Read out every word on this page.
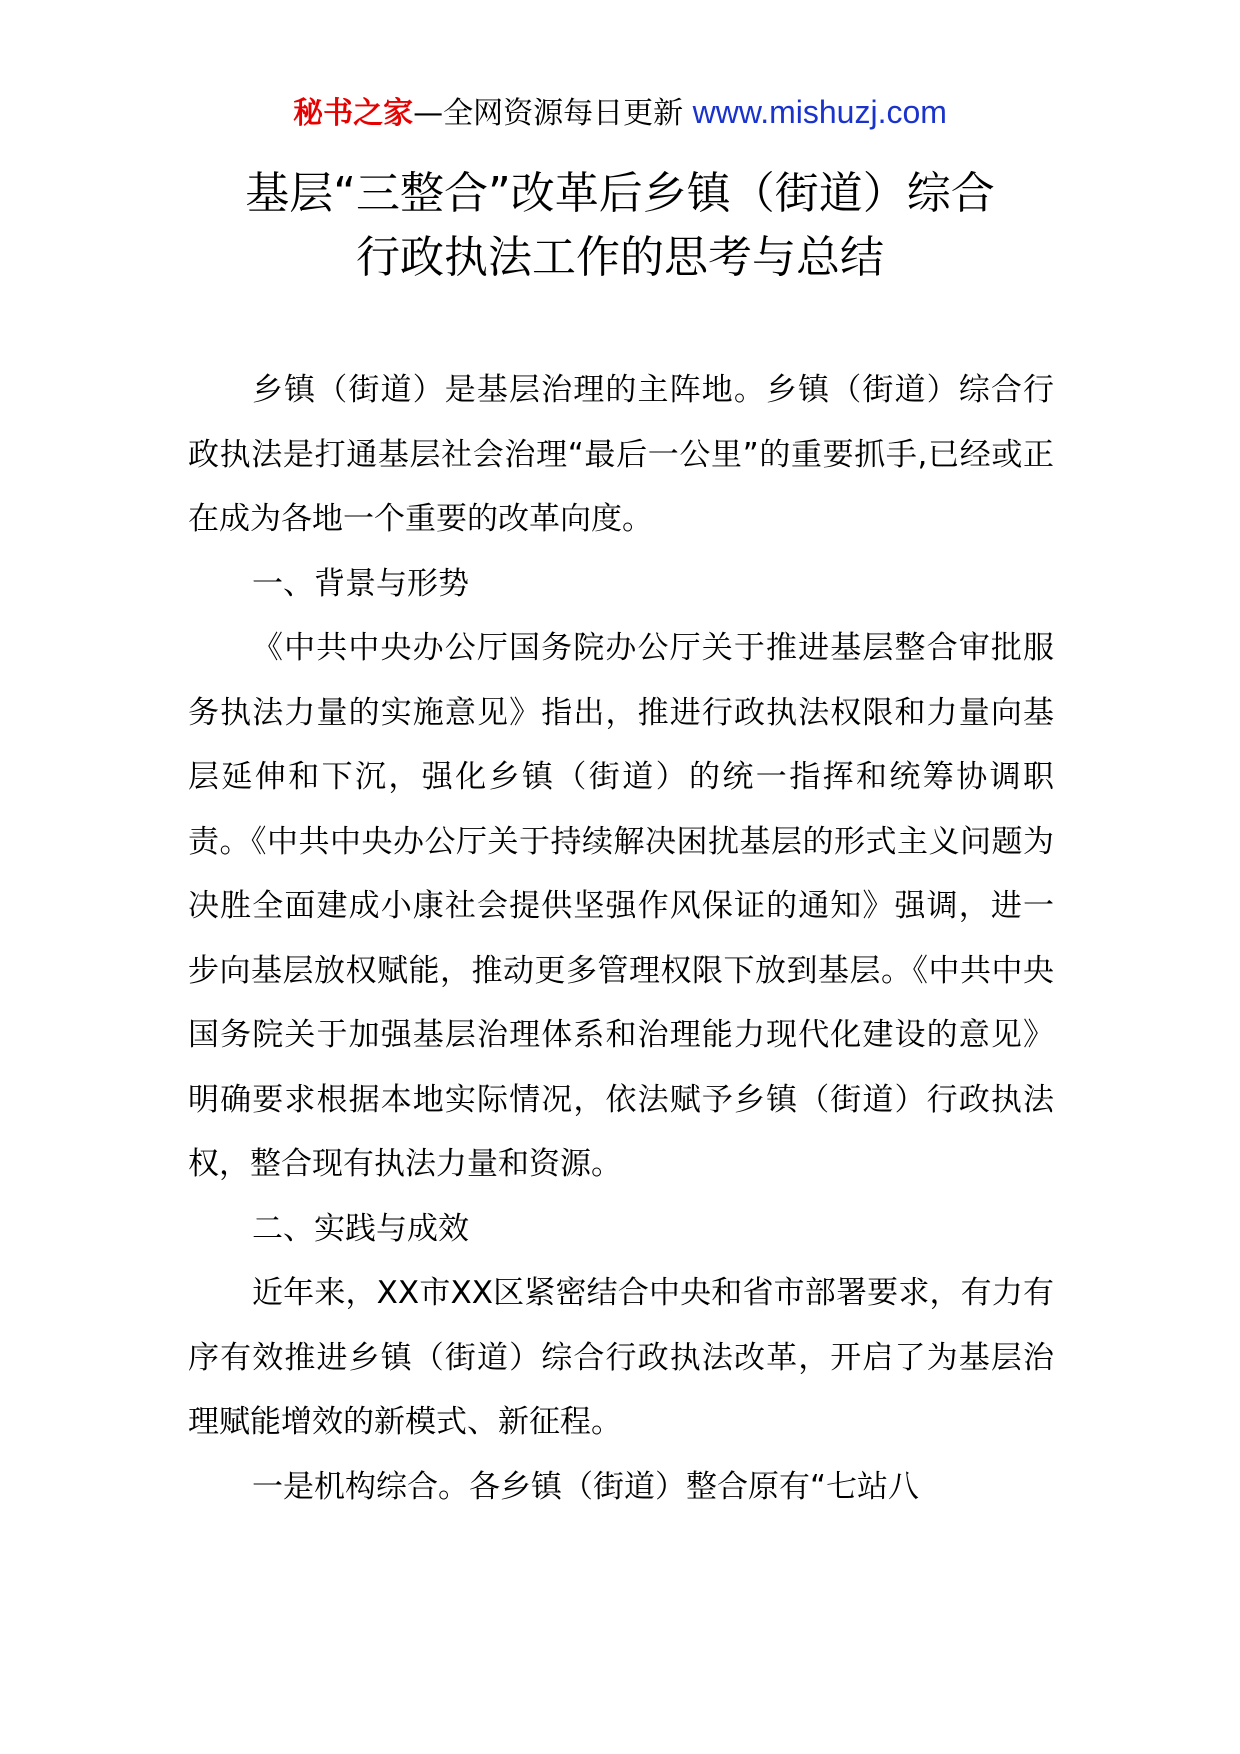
秘书之家—全网资源每日更新 www.mishuzj.com
基层“三整合”改革后乡镇（街道）综合
行政执法工作的思考与总结

乡镇（街道）是基层治理的主阵地。乡镇（街道）综合行政执法是打通基层社会治理“最后一公里”的重要抓手,已经或正在成为各地一个重要的改革向度。

一、背景与形势

《中共中央办公厅国务院办公厅关于推进基层整合审批服务执法力量的实施意见》指出，推进行政执法权限和力量向基层延伸和下沉，强化乡镇（街道）的统一指挥和统筹协调职责。《中共中央办公厅关于持续解决困扰基层的形式主义问题为决胜全面建成小康社会提供坚强作风保证的通知》强调，进一步向基层放权赋能，推动更多管理权限下放到基层。《中共中央国务院关于加强基层治理体系和治理能力现代化建设的意见》明确要求根据本地实际情况，依法赋予乡镇（街道）行政执法权，整合现有执法力量和资源。

二、实践与成效

近年来，XX市XX区紧密结合中央和省市部署要求，有力有序有效推进乡镇（街道）综合行政执法改革，开启了为基层治理赋能增效的新模式、新征程。

一是机构综合。各乡镇（街道）整合原有“七站八
